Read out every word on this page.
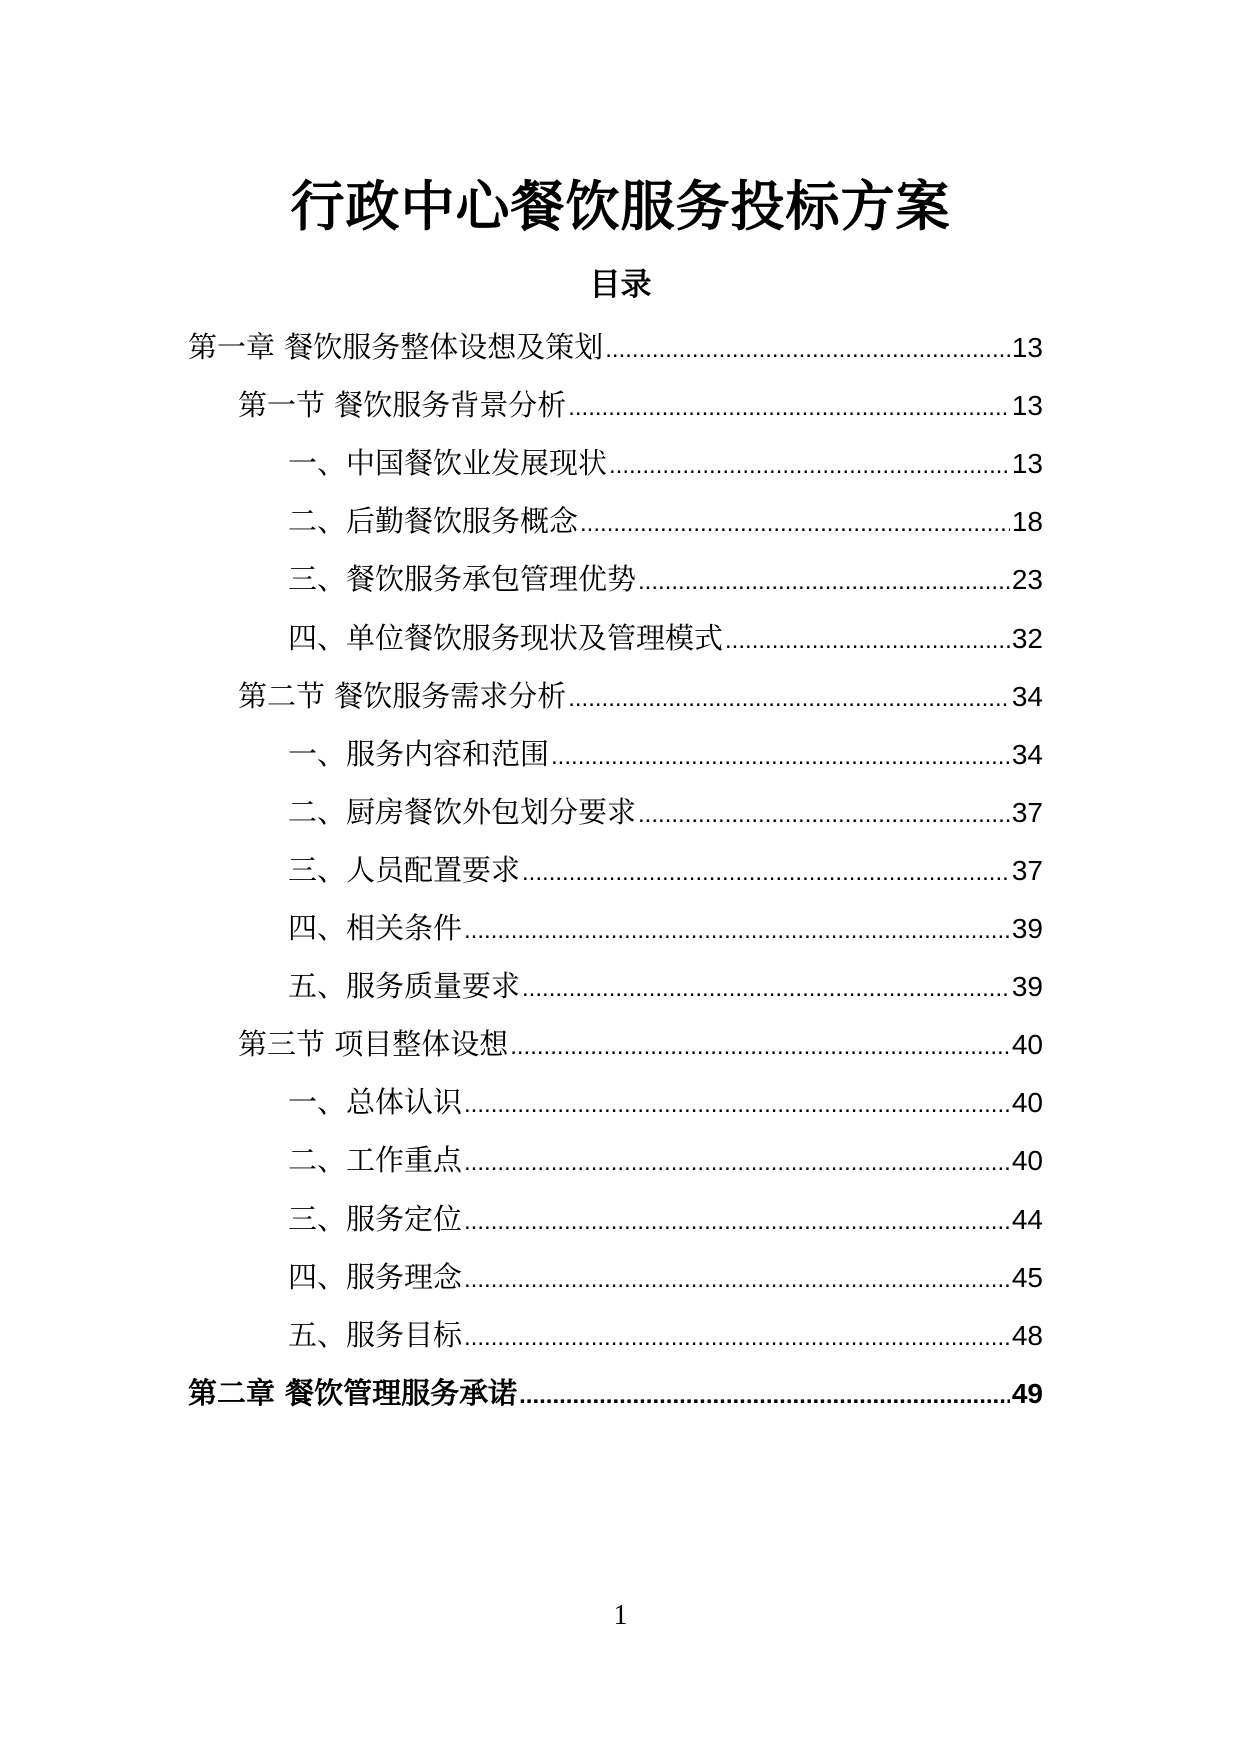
行政中心餐饮服务投标方案
目录
第一章 餐饮服务整体设想及策划 .....	13
第一节 餐饮服务背景分析 .....	13
一、中国餐饮业发展现状 .....	13
二、后勤餐饮服务概念 .....	18
三、餐饮服务承包管理优势 .....	23
四、单位餐饮服务现状及管理模式 .....	32
第二节 餐饮服务需求分析 .....	34
一、服务内容和范围 .....	34
二、厨房餐饮外包划分要求 .....	37
三、人员配置要求 .....	37
四、相关条件 .....	39
五、服务质量要求 .....	39
第三节 项目整体设想 .....	40
一、总体认识 .....	40
二、工作重点 .....	40
三、服务定位 .....	44
四、服务理念 .....	45
五、服务目标 .....	48
第二章 餐饮管理服务承诺 .....	49
1
